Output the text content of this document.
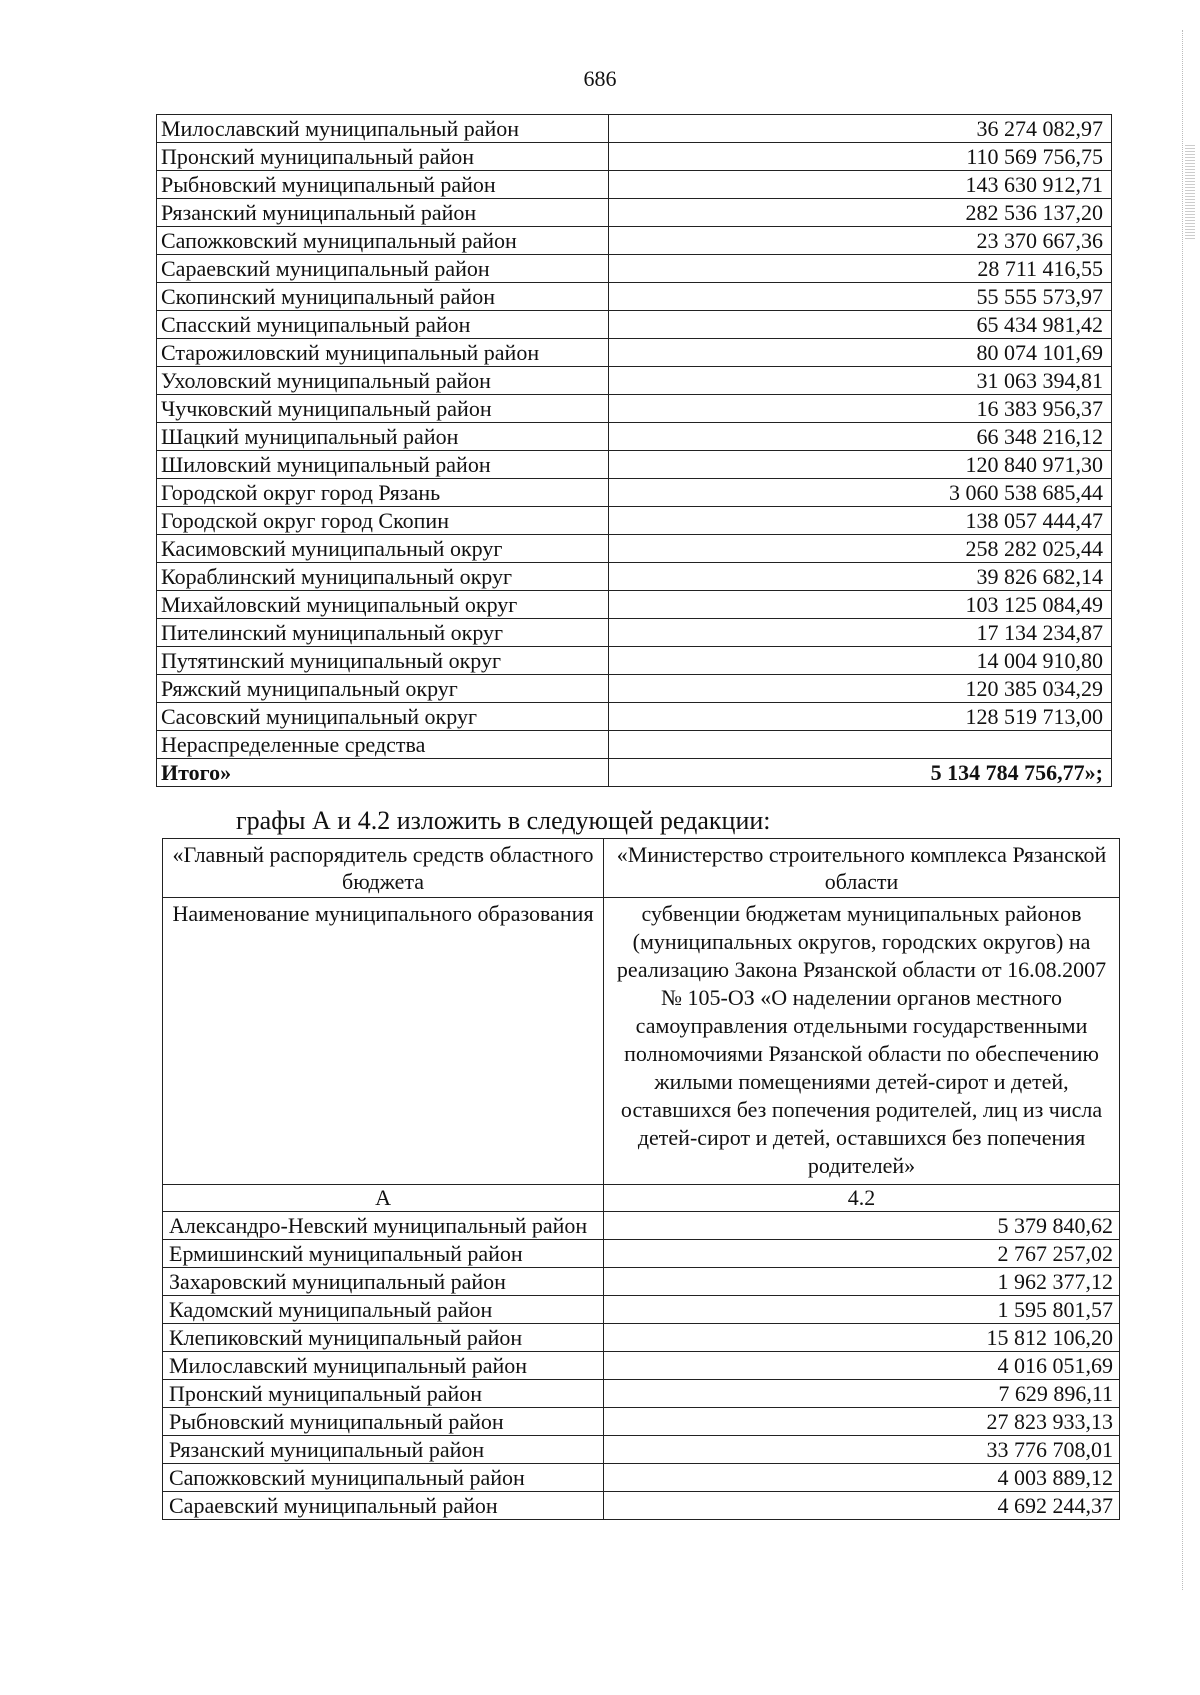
686
Милославский муниципальный район	36 274 082,97
Пронский муниципальный район	110 569 756,75
Рыбновский муниципальный район	143 630 912,71
Рязанский муниципальный район	282 536 137,20
Сапожковский муниципальный район	23 370 667,36
Сараевский муниципальный район	28 711 416,55
Скопинский муниципальный район	55 555 573,97
Спасский муниципальный район	65 434 981,42
Старожиловский муниципальный район	80 074 101,69
Ухоловский муниципальный район	31 063 394,81
Чучковский муниципальный район	16 383 956,37
Шацкий муниципальный район	66 348 216,12
Шиловский муниципальный район	120 840 971,30
Городской округ город Рязань	3 060 538 685,44
Городской округ город Скопин	138 057 444,47
Касимовский муниципальный округ	258 282 025,44
Кораблинский муниципальный округ	39 826 682,14
Михайловский муниципальный округ	103 125 084,49
Пителинский муниципальный округ	17 134 234,87
Путятинский муниципальный округ	14 004 910,80
Ряжский муниципальный округ	120 385 034,29
Сасовский муниципальный округ	128 519 713,00
Нераспределенные средства	
Итого»	5 134 784 756,77»;
графы А и 4.2 изложить в следующей редакции:
«Главный распорядитель средств областного бюджета	«Министерство строительного комплекса Рязанской области
Наименование муниципального образования	субвенции бюджетам муниципальных районов (муниципальных округов, городских округов) на реализацию Закона Рязанской области от 16.08.2007 № 105-ОЗ «О наделении органов местного самоуправления отдельными государственными полномочиями Рязанской области по обеспечению жилыми помещениями детей-сирот и детей, оставшихся без попечения родителей, лиц из числа детей-сирот и детей, оставшихся без попечения родителей»
А	4.2
Александро-Невский муниципальный район	5 379 840,62
Ермишинский муниципальный район	2 767 257,02
Захаровский муниципальный район	1 962 377,12
Кадомский муниципальный район	1 595 801,57
Клепиковский муниципальный район	15 812 106,20
Милославский муниципальный район	4 016 051,69
Пронский муниципальный район	7 629 896,11
Рыбновский муниципальный район	27 823 933,13
Рязанский муниципальный район	33 776 708,01
Сапожковский муниципальный район	4 003 889,12
Сараевский муниципальный район	4 692 244,37
